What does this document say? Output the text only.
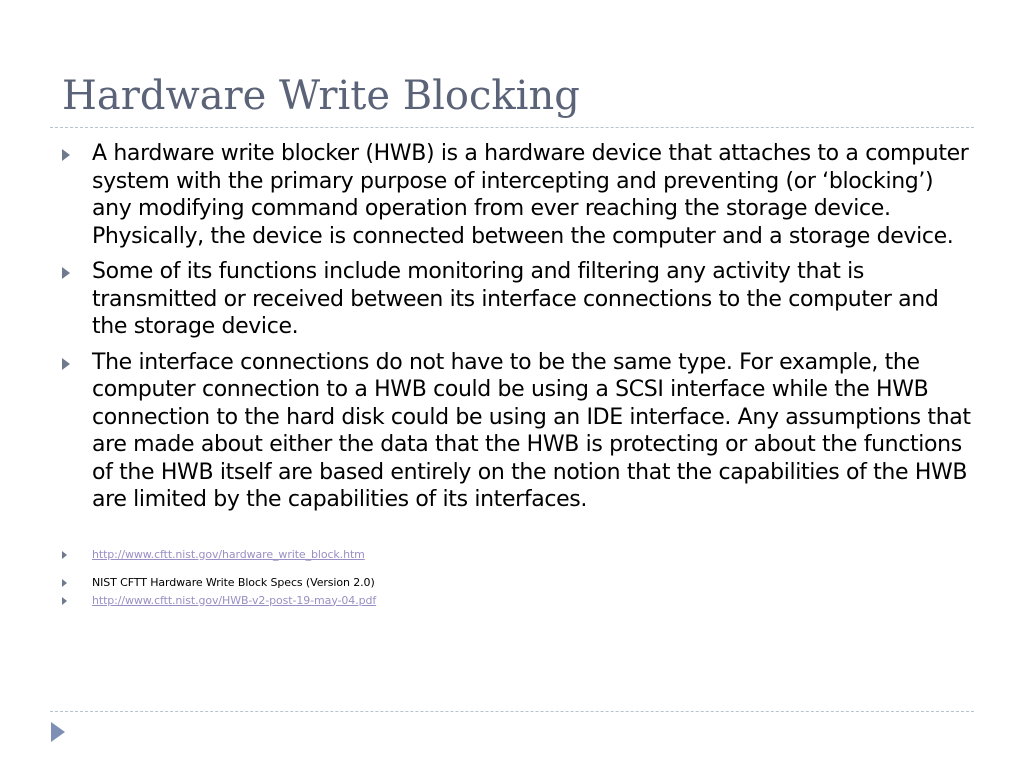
Hardware Write Blocking
A hardware write blocker (HWB) is a hardware device that attaches to a computer system with the primary purpose of intercepting and preventing (or ‘blocking’) any modifying command operation from ever reaching the storage device. Physically, the device is connected between the computer and a storage device.
Some of its functions include monitoring and filtering any activity that is transmitted or received between its interface connections to the computer and the storage device.
The interface connections do not have to be the same type. For example, the computer connection to a HWB could be using a SCSI interface while the HWB connection to the hard disk could be using an IDE interface. Any assumptions that are made about either the data that the HWB is protecting or about the functions of the HWB itself are based entirely on the notion that the capabilities of the HWB are limited by the capabilities of its interfaces.
http://www.cftt.nist.gov/hardware_write_block.htm
NIST CFTT Hardware Write Block Specs (Version 2.0)
http://www.cftt.nist.gov/HWB-v2-post-19-may-04.pdf
